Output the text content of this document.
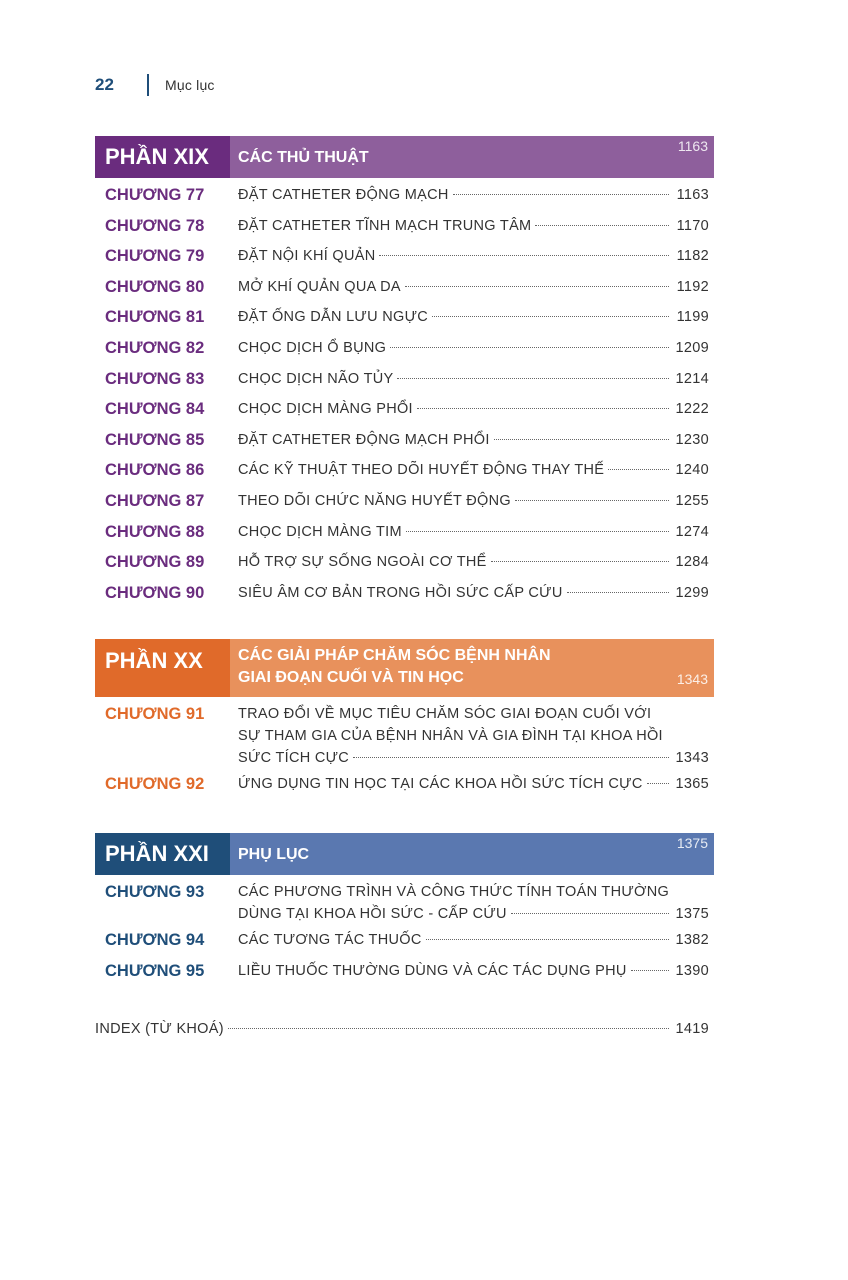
22	Mục lục
PHẦN XIX	CÁC THỦ THUẬT
1163
CHƯƠNG 77	ĐẶT CATHETER ĐỘNG MẠCH	1163
CHƯƠNG 78	ĐẶT CATHETER TĨNH MẠCH TRUNG TÂM	1170
CHƯƠNG 79	ĐẶT NỘI KHÍ QUẢN	1182
CHƯƠNG 80	MỞ KHÍ QUẢN QUA DA	1192
CHƯƠNG 81	ĐẶT ỐNG DẪN LƯU NGỰC	1199
CHƯƠNG 82	CHỌC DỊCH Ổ BỤNG	1209
CHƯƠNG 83	CHỌC DỊCH NÃO TỦY	1214
CHƯƠNG 84	CHỌC DỊCH MÀNG PHỔI	1222
CHƯƠNG 85	ĐẶT CATHETER ĐỘNG MẠCH PHỔI	1230
CHƯƠNG 86	CÁC KỸ THUẬT THEO DÕI HUYẾT ĐỘNG THAY THẾ	1240
CHƯƠNG 87	THEO DÕI CHỨC NĂNG HUYẾT ĐỘNG	1255
CHƯƠNG 88	CHỌC DỊCH MÀNG TIM	1274
CHƯƠNG 89	HỖ TRỢ SỰ SỐNG NGOÀI CƠ THỂ	1284
CHƯƠNG 90	SIÊU ÂM CƠ BẢN TRONG HỒI SỨC CẤP CỨU	1299
PHẦN XX	CÁC GIẢI PHÁP CHĂM SÓC BỆNH NHÂN
GIAI ĐOẠN CUỐI VÀ TIN HỌC	1343
CHƯƠNG 91	TRAO ĐỔI VỀ MỤC TIÊU CHĂM SÓC GIAI ĐOẠN CUỐI VỚI
SỰ THAM GIA CỦA BỆNH NHÂN VÀ GIA ĐÌNH TẠI KHOA HỒI
SỨC TÍCH CỰC	1343
CHƯƠNG 92	ỨNG DỤNG TIN HỌC TẠI CÁC KHOA HỒI SỨC TÍCH CỰC 1365
PHẦN XXI	PHỤ LỤC
1375
CHƯƠNG 93	CÁC PHƯƠNG TRÌNH VÀ CÔNG THỨC TÍNH TOÁN THƯỜNG
DÙNG TẠI KHOA HỒI SỨC - CẤP CỨU	1375
CHƯƠNG 94	CÁC TƯƠNG TÁC THUỐC	1382
CHƯƠNG 95	LIỀU THUỐC THƯỜNG DÙNG VÀ CÁC TÁC DỤNG PHỤ	1390
INDEX (TỪ KHOÁ)	1419
